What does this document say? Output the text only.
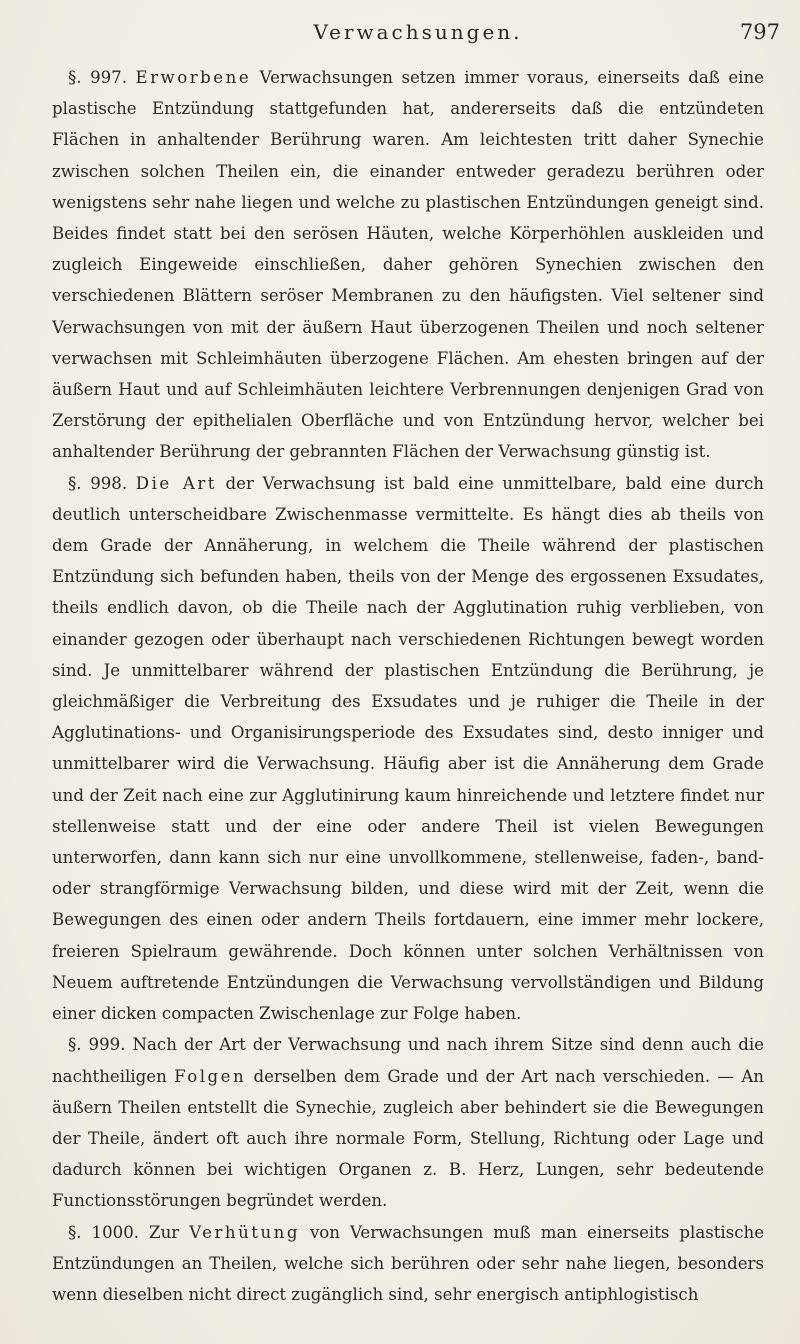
Verwachsungen.	797

§. 997. Erworbene Verwachsungen setzen immer voraus, einerseits daß eine plastische Entzündung stattgefunden hat, andererseits daß die entzündeten Flächen in anhaltender Berührung waren. Am leichtesten tritt daher Synechie zwischen solchen Theilen ein, die einander entweder geradezu berühren oder wenigstens sehr nahe liegen und welche zu plastischen Entzündungen geneigt sind. Beides findet statt bei den serösen Häuten, welche Körperhöhlen auskleiden und zugleich Eingeweide einschließen, daher gehören Synechien zwischen den verschiedenen Blättern seröser Membranen zu den häufigsten. Viel seltener sind Verwachsungen von mit der äußern Haut überzogenen Theilen und noch seltener verwachsen mit Schleimhäuten überzogene Flächen. Am ehesten bringen auf der äußern Haut und auf Schleimhäuten leichtere Verbrennungen denjenigen Grad von Zerstörung der epithelialen Oberfläche und von Entzündung hervor, welcher bei anhaltender Berührung der gebrannten Flächen der Verwachsung günstig ist.

§. 998. Die Art der Verwachsung ist bald eine unmittelbare, bald eine durch deutlich unterscheidbare Zwischenmasse vermittelte. Es hängt dies ab theils von dem Grade der Annäherung, in welchem die Theile während der plastischen Entzündung sich befunden haben, theils von der Menge des ergossenen Exsudates, theils endlich davon, ob die Theile nach der Agglutination ruhig verblieben, von einander gezogen oder überhaupt nach verschiedenen Richtungen bewegt worden sind. Je unmittelbarer während der plastischen Entzündung die Berührung, je gleichmäßiger die Verbreitung des Exsudates und je ruhiger die Theile in der Agglutinations- und Organisirungsperiode des Exsudates sind, desto inniger und unmittelbarer wird die Verwachsung. Häufig aber ist die Annäherung dem Grade und der Zeit nach eine zur Agglutinirung kaum hinreichende und letztere findet nur stellenweise statt und der eine oder andere Theil ist vielen Bewegungen unterworfen, dann kann sich nur eine unvollkommene, stellenweise, faden-, band- oder strangförmige Verwachsung bilden, und diese wird mit der Zeit, wenn die Bewegungen des einen oder andern Theils fortdauern, eine immer mehr lockere, freieren Spielraum gewährende. Doch können unter solchen Verhältnissen von Neuem auftretende Entzündungen die Verwachsung vervollständigen und Bildung einer dicken compacten Zwischenlage zur Folge haben.

§. 999. Nach der Art der Verwachsung und nach ihrem Sitze sind denn auch die nachtheiligen Folgen derselben dem Grade und der Art nach verschieden. — An äußern Theilen entstellt die Synechie, zugleich aber behindert sie die Bewegungen der Theile, ändert oft auch ihre normale Form, Stellung, Richtung oder Lage und dadurch können bei wichtigen Organen z. B. Herz, Lungen, sehr bedeutende Functionsstörungen begründet werden.

§. 1000. Zur Verhütung von Verwachsungen muß man einerseits plastische Entzündungen an Theilen, welche sich berühren oder sehr nahe liegen, besonders wenn dieselben nicht direct zugänglich sind, sehr energisch antiphlogistisch
